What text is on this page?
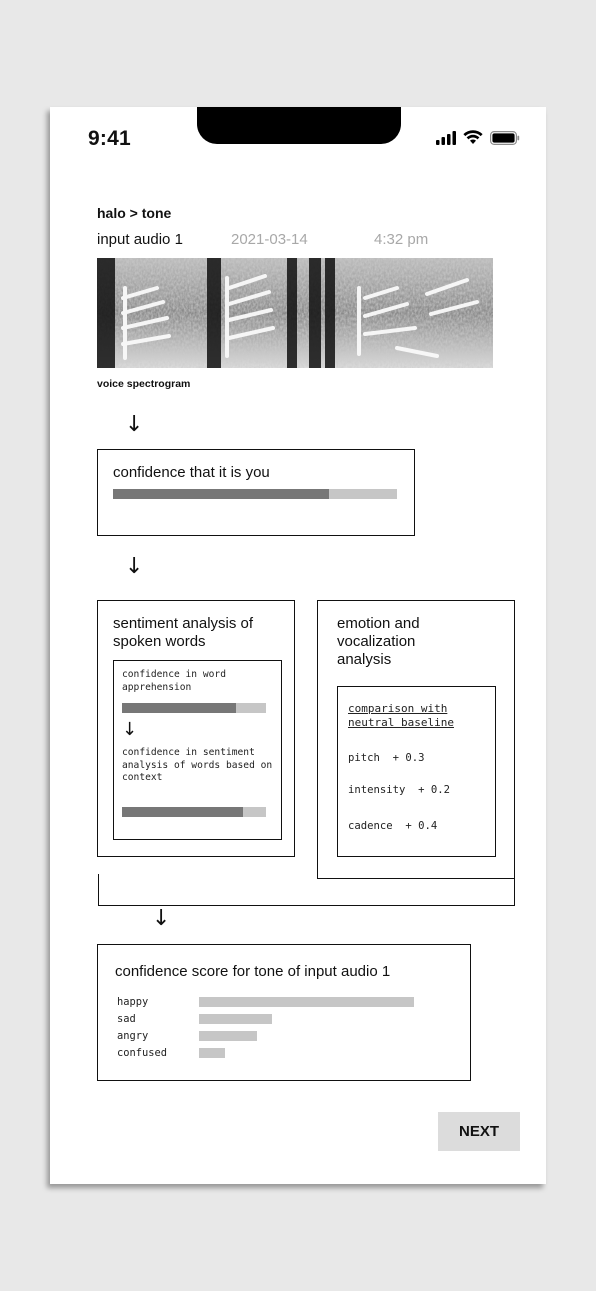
9:41
halo > tone
input audio 1	2021-03-14	4:32 pm
voice spectrogram
↓
confidence that it is you
↓
sentiment analysis of spoken words
confidence in word apprehension
↓
confidence in sentiment analysis of words based on context
emotion and vocalization analysis
comparison with neutral baseline
pitch + 0.3
intensity + 0.2
cadence + 0.4
↓
confidence score for tone of input audio 1
happy
sad
angry
confused
NEXT
